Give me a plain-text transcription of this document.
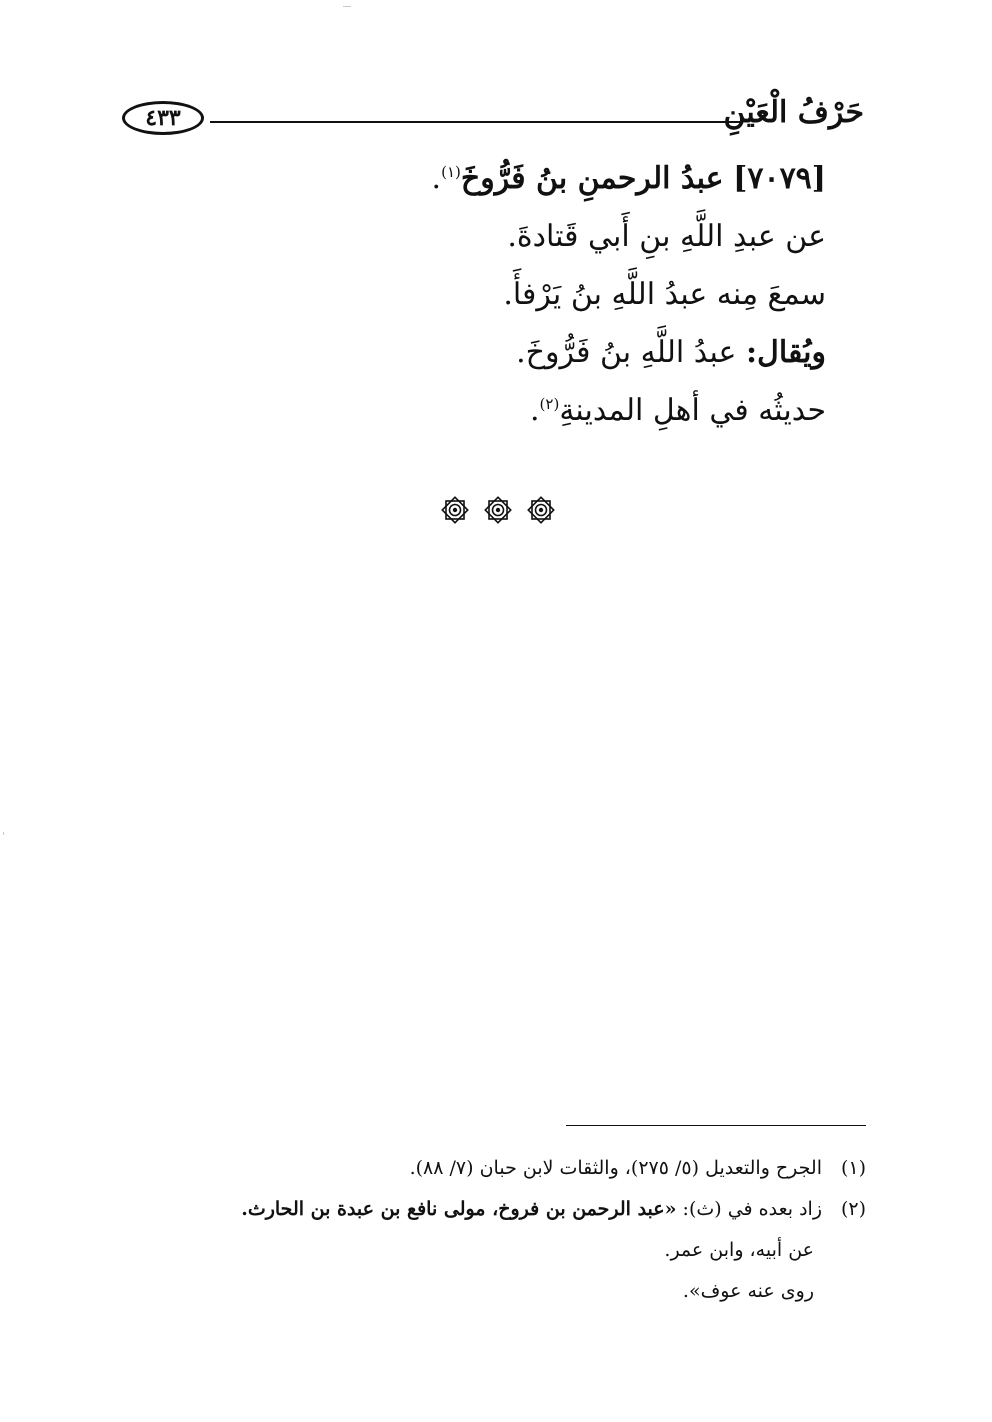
حَرْفُ الْعَيْنِ
٤٣٣
[٧٠٧٩] عبدُ الرحمنِ بنُ فَرُّوخَ$^{(١)}$.
عن عبدِ اللَّهِ بنِ أَبي قَتادةَ.
سمعَ مِنه عبدُ اللَّهِ بنُ يَرْفأَ.
ويُقال: عبدُ اللَّهِ بنُ فَرُّوخَ.
حديثُه في أهلِ المدينةِ$^{(٢)}$.
(١)الجرح والتعديل (٥/ ٢٧٥)، والثقات لابن حبان (٧/ ٨٨).
(٢)زاد بعده في (ث): «عبد الرحمن بن فروخ، مولى نافع بن عبدة بن الحارث.
عن أبيه، وابن عمر.
روى عنه عوف».
